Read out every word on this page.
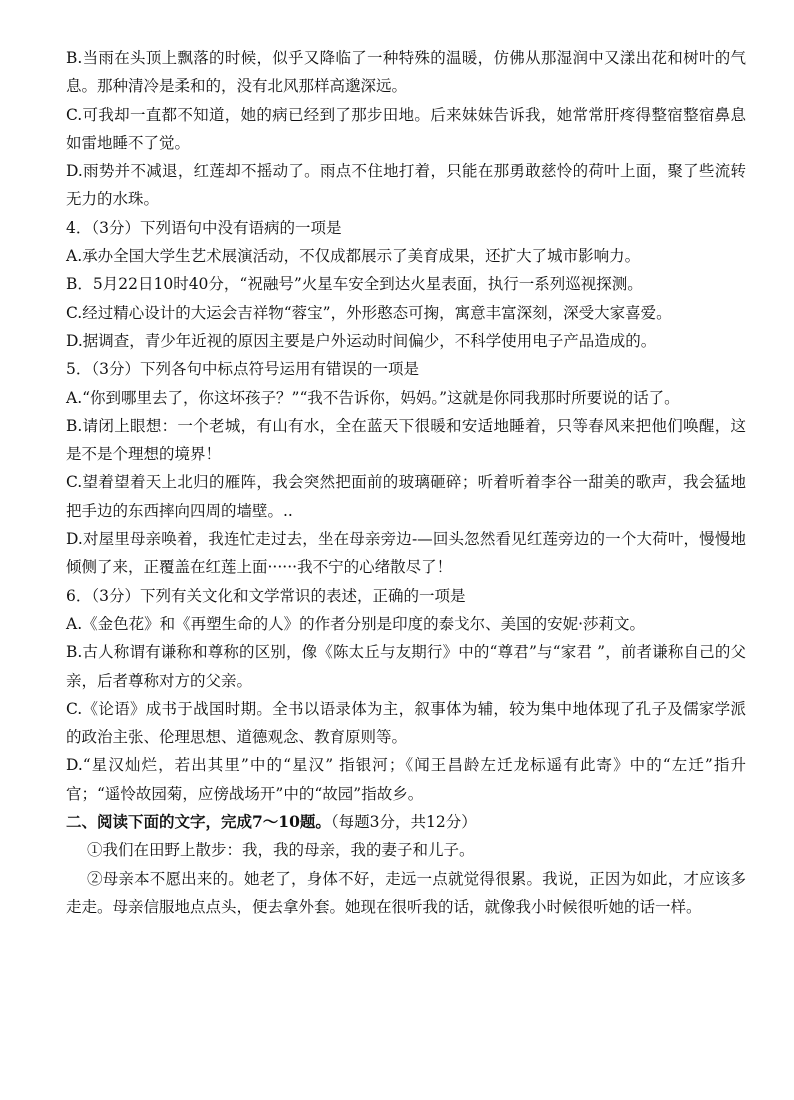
B.当雨在头顶上飘落的时候，似乎又降临了一种特殊的温暖，仿佛从那湿润中又漾出花和树叶的气息。那种清冷是柔和的，没有北风那样高邈深远。

C.可我却一直都不知道，她的病已经到了那步田地。后来妹妹告诉我，她常常肝疼得整宿整宿鼻息如雷地睡不了觉。

D.雨势并不减退，红莲却不摇动了。雨点不住地打着，只能在那勇敢慈怜的荷叶上面，聚了些流转无力的水珠。

4．（3分）下列语句中没有语病的一项是

A.承办全国大学生艺术展演活动，不仅成都展示了美育成果，还扩大了城市影响力。

B．5月22日10时40分，“祝融号”火星车安全到达火星表面，执行一系列巡视探测。

C.经过精心设计的大运会吉祥物“蓉宝”，外形憨态可掬，寓意丰富深刻，深受大家喜爱。

D.据调查，青少年近视的原因主要是户外运动时间偏少，不科学使用电子产品造成的。

5．（3分）下列各句中标点符号运用有错误的一项是

A.“你到哪里去了，你这坏孩子？”“我不告诉你，妈妈。”这就是你同我那时所要说的话了。

B.请闭上眼想：一个老城，有山有水，全在蓝天下很暖和安适地睡着，只等春风来把他们唤醒，这是不是个理想的境界！

C.望着望着天上北归的雁阵，我会突然把面前的玻璃砸碎；听着听着李谷一甜美的歌声，我会猛地把手边的东西摔向四周的墙壁。..

D.对屋里母亲唤着，我连忙走过去，坐在母亲旁边-—回头忽然看见红莲旁边的一个大荷叶，慢慢地倾侧了来，正覆盖在红莲上面······我不宁的心绪散尽了！

6．（3分）下列有关文化和文学常识的表述，正确的一项是

A.《金色花》和《再塑生命的人》的作者分别是印度的泰戈尔、美国的安妮·莎莉文。

B.古人称谓有谦称和尊称的区别，像《陈太丘与友期行》中的“尊君”与“家君 ”，前者谦称自己的父亲，后者尊称对方的父亲。

C.《论语》成书于战国时期。全书以语录体为主，叙事体为辅，较为集中地体现了孔子及儒家学派的政治主张、伦理思想、道德观念、教育原则等。

D.“星汉灿烂，若出其里”中的“星汉” 指银河；《闻王昌龄左迁龙标遥有此寄》中的“左迁”指升官；“遥怜故园菊，应傍战场开”中的“故园”指故乡。

二、阅读下面的文字，完成7～10题。（每题3分，共12分）

①我们在田野上散步：我，我的母亲，我的妻子和儿子。

②母亲本不愿出来的。她老了，身体不好，走远一点就觉得很累。我说，正因为如此，才应该多走走。母亲信服地点点头，便去拿外套。她现在很听我的话，就像我小时候很听她的话一样。
